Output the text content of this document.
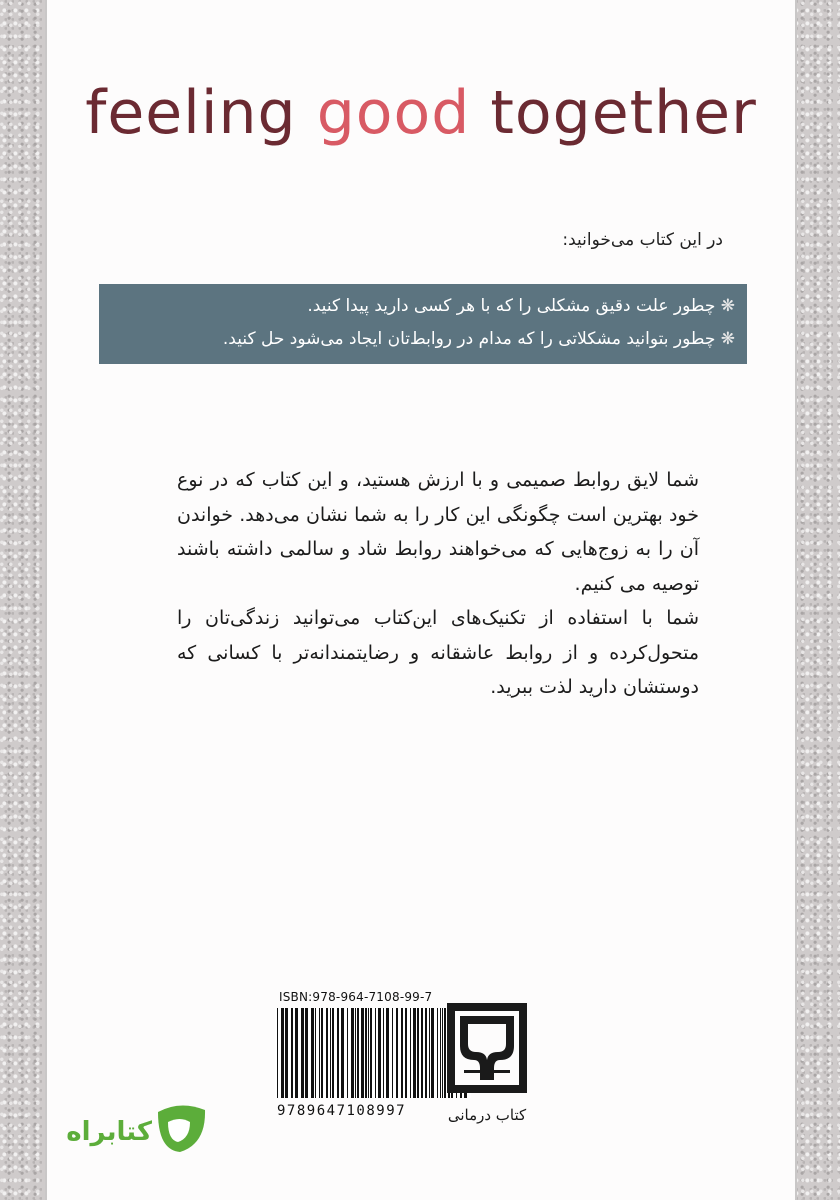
feeling good together
در این کتاب می‌خوانید:
❋ چطور علت دقیق مشکلی را که با هر کسی دارید پیدا کنید.
❋ چطور بتوانید مشکلاتی را که مدام در روابط‌تان ایجاد می‌شود حل کنید.

شما لایق روابط صمیمی و با ارزش هستید، و این کتاب که در نوع خود بهترین است چگونگی این کار را به شما نشان می‌دهد. خواندن آن را به زوج‌هایی که می‌خواهند روابط شاد و سالمی داشته باشند توصیه می کنیم.

شما با استفاده از تکنیک‌های این‌کتاب می‌توانید زندگی‌تان را متحول‌کرده و از روابط عاشقانه و رضایتمندانه‌تر با کسانی که دوستشان دارید لذت ببرید.

ISBN:978-964-7108-99-7
9789647108997	کتاب درمانی
کتابراه
